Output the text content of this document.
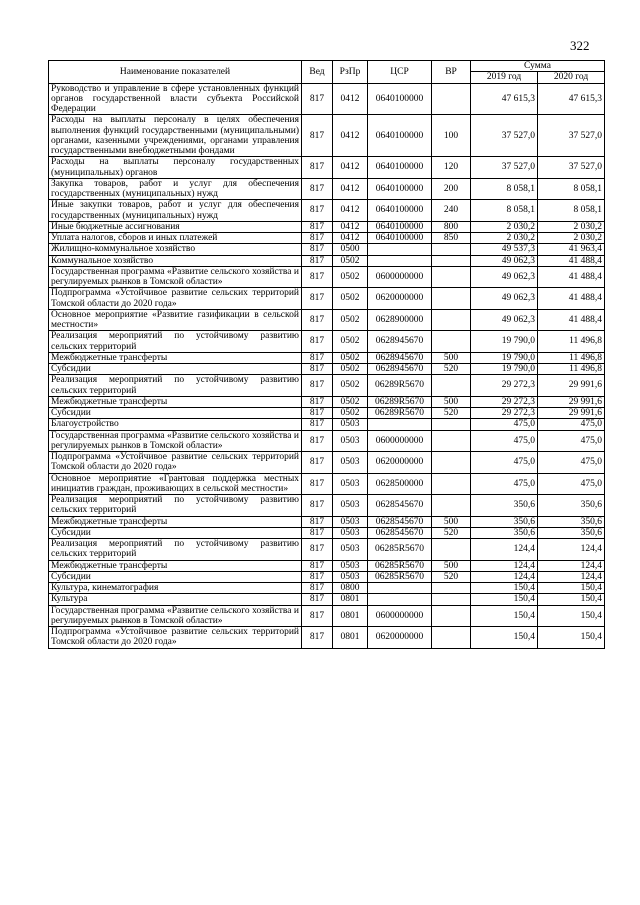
322
Наименование показателей	Вед	РзПр	ЦСР	ВР	Сумма	
					2019 год	2020 год
Руководство и управление в сфере установленных функций органов государственной власти субъекта Российской Федерации	817	0412	0640100000		47 615,3	47 615,3
Расходы на выплаты персоналу в целях обеспечения выполнения функций государственными (муниципальными) органами, казенными учреждениями, органами управления государственными внебюджетными фондами	817	0412	0640100000	100	37 527,0	37 527,0
Расходы на выплаты персоналу государственных (муниципальных) органов	817	0412	0640100000	120	37 527,0	37 527,0
Закупка товаров, работ и услуг для обеспечения государственных (муниципальных) нужд	817	0412	0640100000	200	8 058,1	8 058,1
Иные закупки товаров, работ и услуг для обеспечения государственных (муниципальных) нужд	817	0412	0640100000	240	8 058,1	8 058,1
Иные бюджетные ассигнования	817	0412	0640100000	800	2 030,2	2 030,2
Уплата налогов, сборов и иных платежей	817	0412	0640100000	850	2 030,2	2 030,2
Жилищно-коммунальное хозяйство	817	0500			49 537,3	41 963,4
Коммунальное хозяйство	817	0502			49 062,3	41 488,4
Государственная программа «Развитие сельского хозяйства и регулируемых рынков в Томской области»	817	0502	0600000000		49 062,3	41 488,4
Подпрограмма «Устойчивое развитие сельских территорий Томской области до 2020 года»	817	0502	0620000000		49 062,3	41 488,4
Основное мероприятие «Развитие газификации в сельской местности»	817	0502	0628900000		49 062,3	41 488,4
Реализация мероприятий по устойчивому развитию сельских территорий	817	0502	0628945670		19 790,0	11 496,8
Межбюджетные трансферты	817	0502	0628945670	500	19 790,0	11 496,8
Субсидии	817	0502	0628945670	520	19 790,0	11 496,8
Реализация мероприятий по устойчивому развитию сельских территорий	817	0502	06289R5670		29 272,3	29 991,6
Межбюджетные трансферты	817	0502	06289R5670	500	29 272,3	29 991,6
Субсидии	817	0502	06289R5670	520	29 272,3	29 991,6
Благоустройство	817	0503			475,0	475,0
Государственная программа «Развитие сельского хозяйства и регулируемых рынков в Томской области»	817	0503	0600000000		475,0	475,0
Подпрограмма «Устойчивое развитие сельских территорий Томской области до 2020 года»	817	0503	0620000000		475,0	475,0
Основное мероприятие «Грантовая поддержка местных инициатив граждан, проживающих в сельской местности»	817	0503	0628500000		475,0	475,0
Реализация мероприятий по устойчивому развитию сельских территорий	817	0503	0628545670		350,6	350,6
Межбюджетные трансферты	817	0503	0628545670	500	350,6	350,6
Субсидии	817	0503	0628545670	520	350,6	350,6
Реализация мероприятий по устойчивому развитию сельских территорий	817	0503	06285R5670		124,4	124,4
Межбюджетные трансферты	817	0503	06285R5670	500	124,4	124,4
Субсидии	817	0503	06285R5670	520	124,4	124,4
Культура, кинематография	817	0800			150,4	150,4
Культура	817	0801			150,4	150,4
Государственная программа «Развитие сельского хозяйства и регулируемых рынков в Томской области»	817	0801	0600000000		150,4	150,4
Подпрограмма «Устойчивое развитие сельских территорий Томской области до 2020 года»	817	0801	0620000000		150,4	150,4
